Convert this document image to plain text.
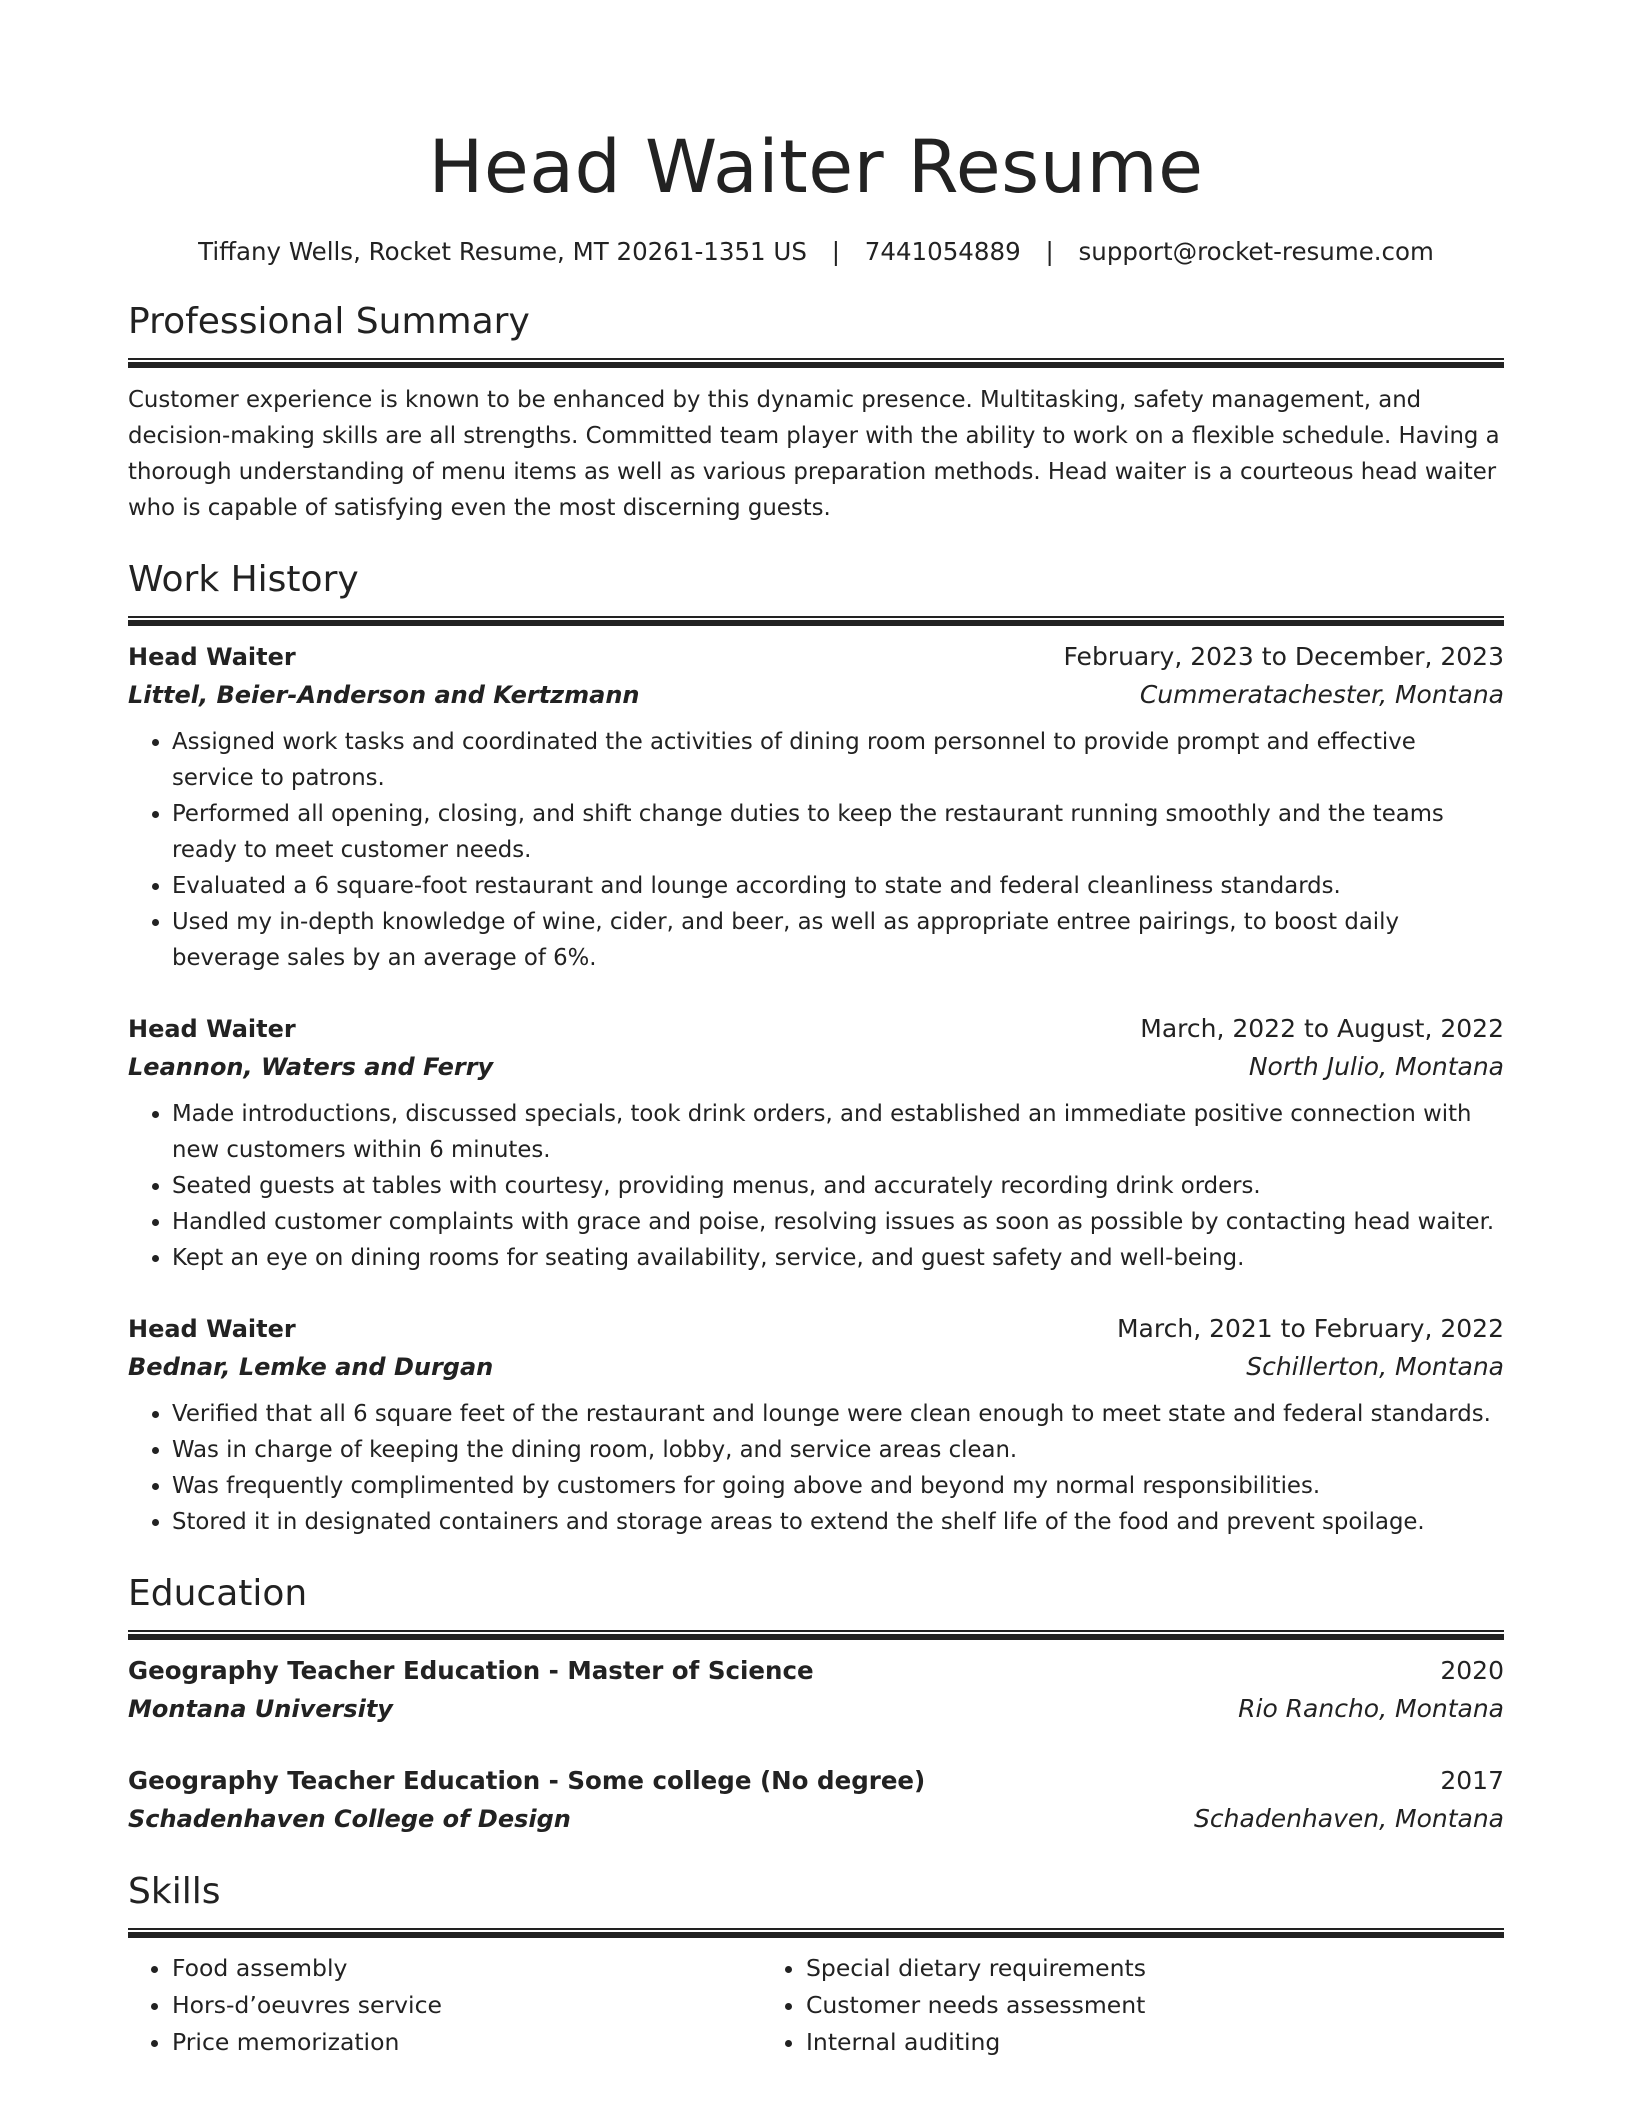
Head Waiter Resume
Tiffany Wells, Rocket Resume, MT 20261-1351 US | 7441054889 | support@rocket-resume.com
Professional Summary

Customer experience is known to be enhanced by this dynamic presence. Multitasking, safety management, and decision-making skills are all strengths. Committed team player with the ability to work on a flexible schedule. Having a thorough understanding of menu items as well as various preparation methods. Head waiter is a courteous head waiter who is capable of satisfying even the most discerning guests.

Work History
Head Waiter	February, 2023 to December, 2023
Littel, Beier-Anderson and Kertzmann	Cummeratachester, Montana
• Assigned work tasks and coordinated the activities of dining room personnel to provide prompt and effective service to patrons.
• Performed all opening, closing, and shift change duties to keep the restaurant running smoothly and the teams ready to meet customer needs.
• Evaluated a 6 square-foot restaurant and lounge according to state and federal cleanliness standards.
• Used my in-depth knowledge of wine, cider, and beer, as well as appropriate entree pairings, to boost daily beverage sales by an average of 6%.
Head Waiter	March, 2022 to August, 2022
Leannon, Waters and Ferry	North Julio, Montana
• Made introductions, discussed specials, took drink orders, and established an immediate positive connection with new customers within 6 minutes.
• Seated guests at tables with courtesy, providing menus, and accurately recording drink orders.
• Handled customer complaints with grace and poise, resolving issues as soon as possible by contacting head waiter.
• Kept an eye on dining rooms for seating availability, service, and guest safety and well-being.
Head Waiter	March, 2021 to February, 2022
Bednar, Lemke and Durgan	Schillerton, Montana
• Verified that all 6 square feet of the restaurant and lounge were clean enough to meet state and federal standards.
• Was in charge of keeping the dining room, lobby, and service areas clean.
• Was frequently complimented by customers for going above and beyond my normal responsibilities.
• Stored it in designated containers and storage areas to extend the shelf life of the food and prevent spoilage.
Education
Geography Teacher Education - Master of Science	2020
Montana University	Rio Rancho, Montana
Geography Teacher Education - Some college (No degree)	2017
Schadenhaven College of Design	Schadenhaven, Montana
Skills
• Food assembly
• Hors-d’oeuvres service
• Price memorization
• Special dietary requirements
• Customer needs assessment
• Internal auditing
